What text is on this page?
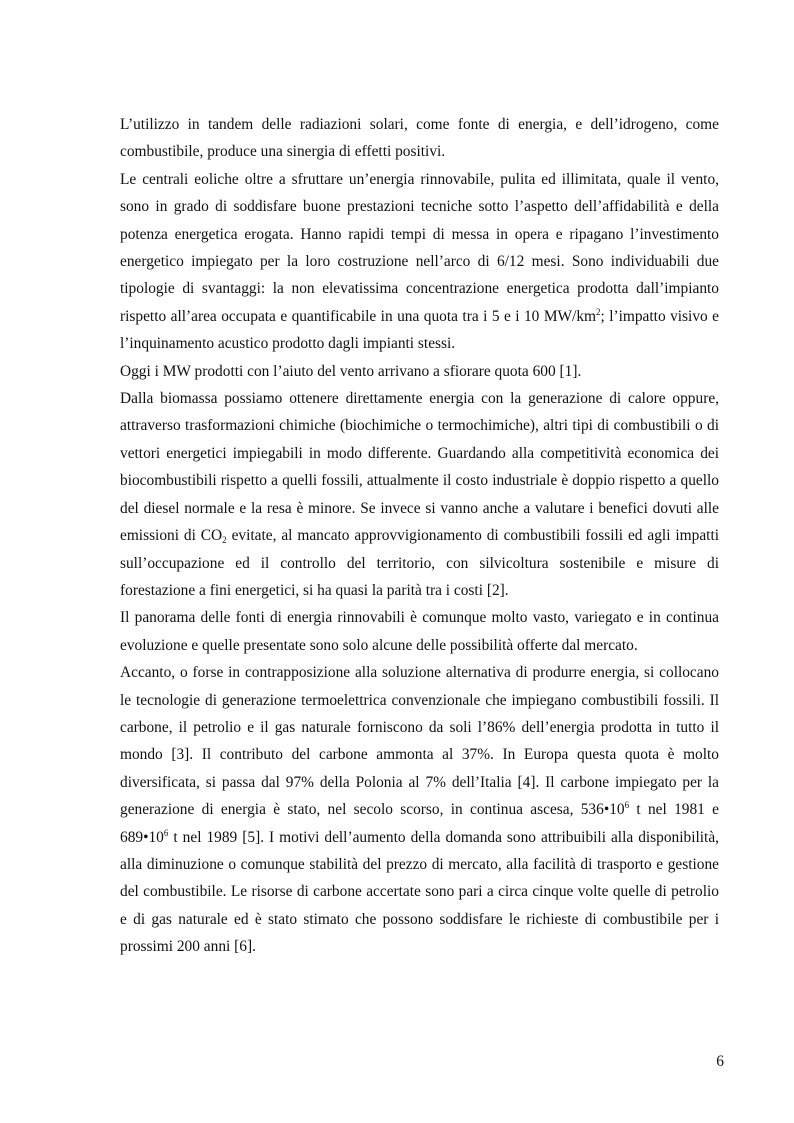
L’utilizzo in tandem delle radiazioni solari, come fonte di energia, e dell’idrogeno, come combustibile, produce una sinergia di effetti positivi.

Le centrali eoliche oltre a sfruttare un’energia rinnovabile, pulita ed illimitata, quale il vento, sono in grado di soddisfare buone prestazioni tecniche sotto l’aspetto dell’affidabilità e della potenza energetica erogata. Hanno rapidi tempi di messa in opera e ripagano l’investimento energetico impiegato per la loro costruzione nell’arco di 6/12 mesi. Sono individuabili due tipologie di svantaggi: la non elevatissima concentrazione energetica prodotta dall’impianto rispetto all’area occupata e quantificabile in una quota tra i 5 e i 10 $MW/km^2$; l’impatto visivo e l’inquinamento acustico prodotto dagli impianti stessi.

Oggi i MW prodotti con l’aiuto del vento arrivano a sfiorare quota 600 [1].

Dalla biomassa possiamo ottenere direttamente energia con la generazione di calore oppure, attraverso trasformazioni chimiche (biochimiche o termochimiche), altri tipi di combustibili o di vettori energetici impiegabili in modo differente. Guardando alla competitività economica dei biocombustibili rispetto a quelli fossili, attualmente il costo industriale è doppio rispetto a quello del diesel normale e la resa è minore. Se invece si vanno anche a valutare i benefici dovuti alle emissioni di $CO_2$ evitate, al mancato approvvigionamento di combustibili fossili ed agli impatti sull’occupazione ed il controllo del territorio, con silvicoltura sostenibile e misure di forestazione a fini energetici, si ha quasi la parità tra i costi [2].

Il panorama delle fonti di energia rinnovabili è comunque molto vasto, variegato e in continua evoluzione e quelle presentate sono solo alcune delle possibilità offerte dal mercato.

Accanto, o forse in contrapposizione alla soluzione alternativa di produrre energia, si collocano le tecnologie di generazione termoelettrica convenzionale che impiegano combustibili fossili. Il carbone, il petrolio e il gas naturale forniscono da soli l’86% dell’energia prodotta in tutto il mondo [3]. Il contributo del carbone ammonta al 37%. In Europa questa quota è molto diversificata, si passa dal 97% della Polonia al 7% dell’Italia [4]. Il carbone impiegato per la generazione di energia è stato, nel secolo scorso, in continua ascesa, $536•10^6$ t nel 1981 e $689•10^6$ t nel 1989 [5]. I motivi dell’aumento della domanda sono attribuibili alla disponibilità, alla diminuzione o comunque stabilità del prezzo di mercato, alla facilità di trasporto e gestione del combustibile. Le risorse di carbone accertate sono pari a circa cinque volte quelle di petrolio e di gas naturale ed è stato stimato che possono soddisfare le richieste di combustibile per i prossimi 200 anni [6].

6
